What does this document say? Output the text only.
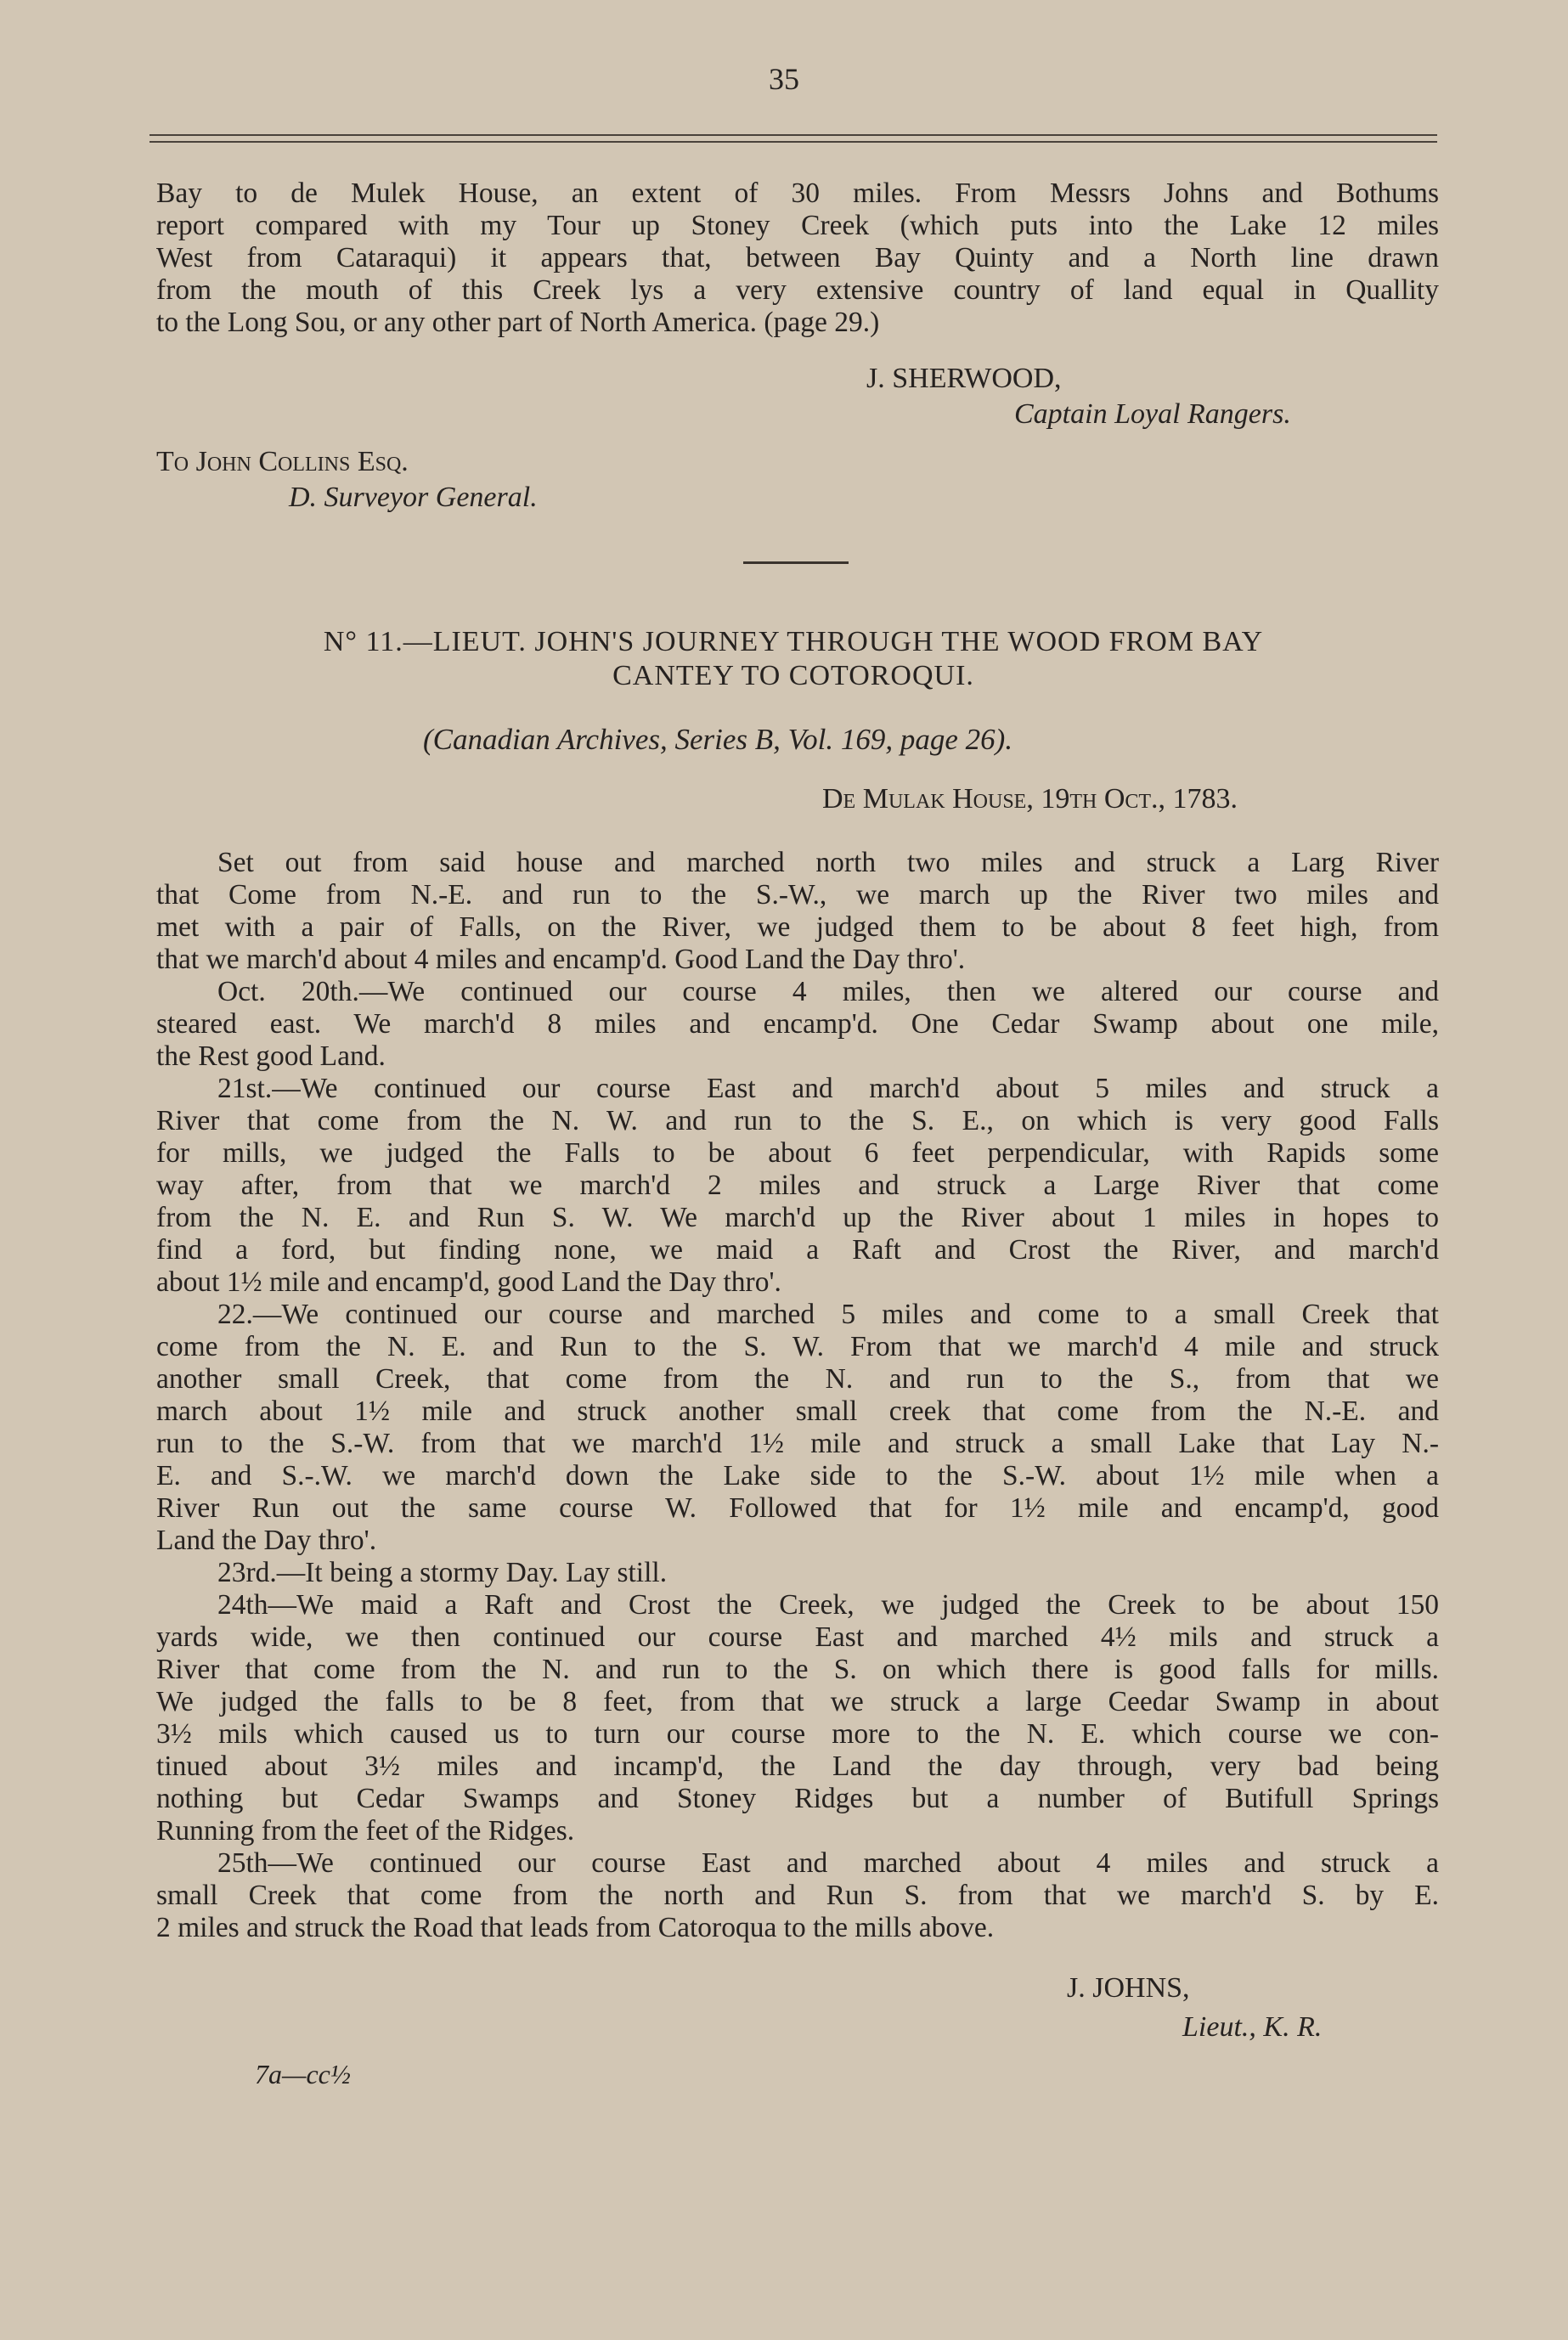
35
Bay to de Mulek House, an extent of 30 miles. From Messrs Johns and Bothums
report compared with my Tour up Stoney Creek (which puts into the Lake 12 miles
West from Cataraqui) it appears that, between Bay Quinty and a North line drawn
from the mouth of this Creek lys a very extensive country of land equal in Quallity
to the Long Sou, or any other part of North America. (page 29.)
J. SHERWOOD,
Captain Loyal Rangers.
To John Collins Esq.
D. Surveyor General.
N° 11.—LIEUT. JOHN'S JOURNEY THROUGH THE WOOD FROM BAY
CANTEY TO COTOROQUI.
(Canadian Archives, Series B, Vol. 169, page 26).
De Mulak House, 19th Oct., 1783.
Set out from said house and marched north two miles and struck a Larg River
that Come from N.-E. and run to the S.-W., we march up the River two miles and
met with a pair of Falls, on the River, we judged them to be about 8 feet high, from
that we march'd about 4 miles and encamp'd. Good Land the Day thro'.
Oct. 20th.—We continued our course 4 miles, then we altered our course and
steared east. We march'd 8 miles and encamp'd. One Cedar Swamp about one mile,
the Rest good Land.
21st.—We continued our course East and march'd about 5 miles and struck a
River that come from the N. W. and run to the S. E., on which is very good Falls
for mills, we judged the Falls to be about 6 feet perpendicular, with Rapids some
way after, from that we march'd 2 miles and struck a Large River that come
from the N. E. and Run S. W. We march'd up the River about 1 miles in hopes to
find a ford, but finding none, we maid a Raft and Crost the River, and march'd
about 1½ mile and encamp'd, good Land the Day thro'.
22.—We continued our course and marched 5 miles and come to a small Creek that
come from the N. E. and Run to the S. W. From that we march'd 4 mile and struck
another small Creek, that come from the N. and run to the S., from that we
march about 1½ mile and struck another small creek that come from the N.-E. and
run to the S.-W. from that we march'd 1½ mile and struck a small Lake that Lay N.-
E. and S.-.W. we march'd down the Lake side to the S.-W. about 1½ mile when a
River Run out the same course W. Followed that for 1½ mile and encamp'd, good
Land the Day thro'.
23rd.—It being a stormy Day. Lay still.
24th—We maid a Raft and Crost the Creek, we judged the Creek to be about 150
yards wide, we then continued our course East and marched 4½ mils and struck a
River that come from the N. and run to the S. on which there is good falls for mills.
We judged the falls to be 8 feet, from that we struck a large Ceedar Swamp in about
3½ mils which caused us to turn our course more to the N. E. which course we con-
tinued about 3½ miles and incamp'd, the Land the day through, very bad being
nothing but Cedar Swamps and Stoney Ridges but a number of Butifull Springs
Running from the feet of the Ridges.
25th—We continued our course East and marched about 4 miles and struck a
small Creek that come from the north and Run S. from that we march'd S. by E.
2 miles and struck the Road that leads from Catoroqua to the mills above.
J. JOHNS,
Lieut., K. R.
7a—cc½
